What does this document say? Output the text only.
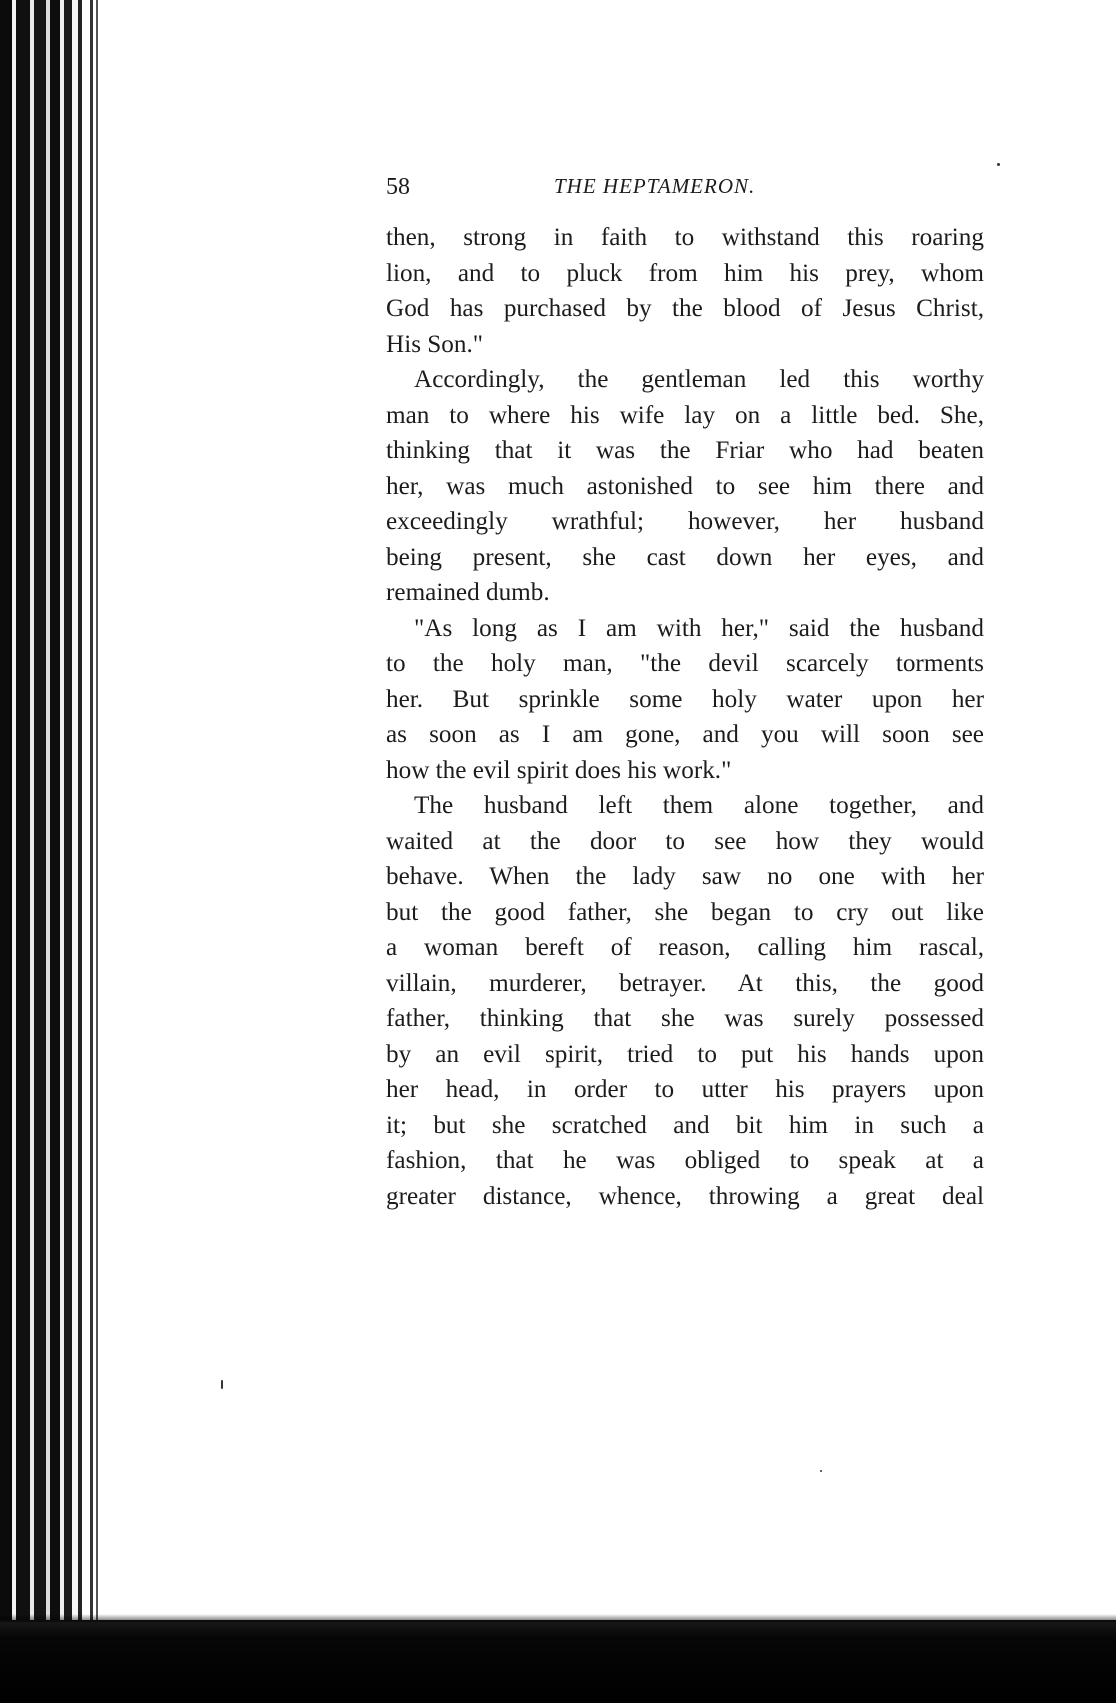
58	THE HEPTAMERON.

then, strong in faith to withstand this roaring
lion, and to pluck from him his prey, whom
God has purchased by the blood of Jesus Christ,
His Son."

Accordingly, the gentleman led this worthy
man to where his wife lay on a little bed. She,
thinking that it was the Friar who had beaten
her, was much astonished to see him there and
exceedingly wrathful; however, her husband
being present, she cast down her eyes, and
remained dumb.

"As long as I am with her," said the husband
to the holy man, "the devil scarcely torments
her. But sprinkle some holy water upon her
as soon as I am gone, and you will soon see
how the evil spirit does his work."

The husband left them alone together, and
waited at the door to see how they would
behave. When the lady saw no one with her
but the good father, she began to cry out like
a woman bereft of reason, calling him rascal,
villain, murderer, betrayer. At this, the good
father, thinking that she was surely possessed
by an evil spirit, tried to put his hands upon
her head, in order to utter his prayers upon
it; but she scratched and bit him in such a
fashion, that he was obliged to speak at a
greater distance, whence, throwing a great deal
